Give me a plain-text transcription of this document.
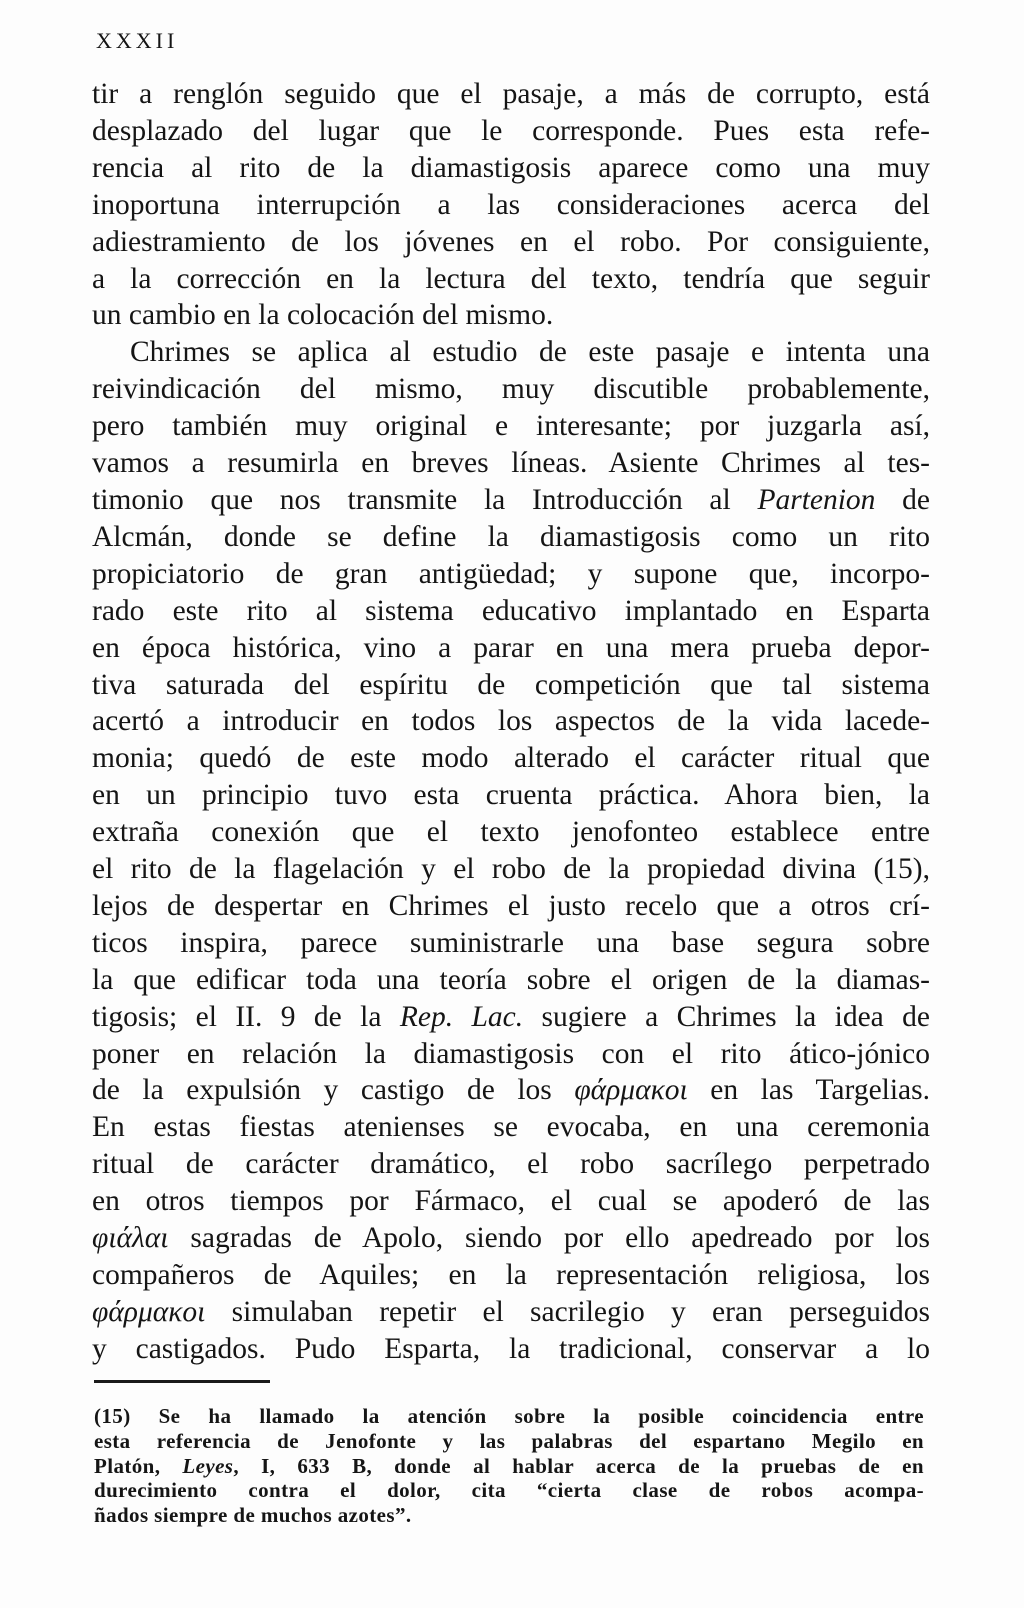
XXXII
tir a renglón seguido que el pasaje, a más de corrupto, está
desplazado del lugar que le corresponde. Pues esta refe-
rencia al rito de la diamastigosis aparece como una muy
inoportuna interrupción a las consideraciones acerca del
adiestramiento de los jóvenes en el robo. Por consiguiente,
a la corrección en la lectura del texto, tendría que seguir
un cambio en la colocación del mismo.
Chrimes se aplica al estudio de este pasaje e intenta una
reivindicación del mismo, muy discutible probablemente,
pero también muy original e interesante; por juzgarla así,
vamos a resumirla en breves líneas. Asiente Chrimes al tes-
timonio que nos transmite la Introducción al Partenion de
Alcmán, donde se define la diamastigosis como un rito
propiciatorio de gran antigüedad; y supone que, incorpo-
rado este rito al sistema educativo implantado en Esparta
en época histórica, vino a parar en una mera prueba depor-
tiva saturada del espíritu de competición que tal sistema
acertó a introducir en todos los aspectos de la vida lacede-
monia; quedó de este modo alterado el carácter ritual que
en un principio tuvo esta cruenta práctica. Ahora bien, la
extraña conexión que el texto jenofonteo establece entre
el rito de la flagelación y el robo de la propiedad divina (15),
lejos de despertar en Chrimes el justo recelo que a otros crí-
ticos inspira, parece suministrarle una base segura sobre
la que edificar toda una teoría sobre el origen de la diamas-
tigosis; el II. 9 de la Rep. Lac. sugiere a Chrimes la idea de
poner en relación la diamastigosis con el rito ático-jónico
de la expulsión y castigo de los φάρμακοι en las Targelias.
En estas fiestas atenienses se evocaba, en una ceremonia
ritual de carácter dramático, el robo sacrílego perpetrado
en otros tiempos por Fármaco, el cual se apoderó de las
φιάλαι sagradas de Apolo, siendo por ello apedreado por los
compañeros de Aquiles; en la representación religiosa, los
φάρμακοι simulaban repetir el sacrilegio y eran perseguidos
y castigados. Pudo Esparta, la tradicional, conservar a lo
(15) Se ha llamado la atención sobre la posible coincidencia entre
esta referencia de Jenofonte y las palabras del espartano Megilo en
Platón, Leyes, I, 633 B, donde al hablar acerca de la pruebas de en
durecimiento contra el dolor, cita “cierta clase de robos acompa-
ñados siempre de muchos azotes”.
